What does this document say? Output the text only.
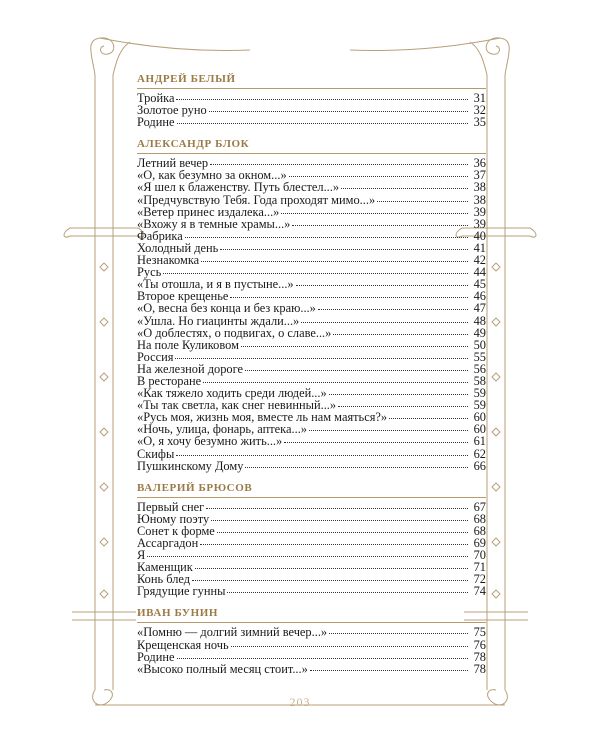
АНДРЕЙ БЕЛЫЙ
Тройка	31
Золотое руно	32
Родине	35
АЛЕКСАНДР БЛОК
Летний вечер	36
«О, как безумно за окном...»	37
«Я шел к блаженству. Путь блестел...»	38
«Предчувствую Тебя. Года проходят мимо...»	38
«Ветер принес издалека...»	39
«Вхожу я в темные храмы...»	39
Фабрика	40
Холодный день	41
Незнакомка	42
Русь	44
«Ты отошла, и я в пустыне...»	45
Второе крещенье	46
«О, весна без конца и без краю...»	47
«Ушла. Но гиацинты ждали...»	48
«О доблестях, о подвигах, о славе...»	49
На поле Куликовом	50
Россия	55
На железной дороге	56
В ресторане	58
«Как тяжело ходить среди людей...»	59
«Ты так светла, как снег невинный...»	59
«Русь моя, жизнь моя, вместе ль нам маяться?»	60
«Ночь, улица, фонарь, аптека...»	60
«О, я хочу безумно жить...»	61
Скифы	62
Пушкинскому Дому	66
ВАЛЕРИЙ БРЮСОВ
Первый снег	67
Юному поэту	68
Сонет к форме	68
Ассаргадон	69
Я	70
Каменщик	71
Конь блед	72
Грядущие гунны	74
ИВАН БУНИН
«Помню — долгий зимний вечер...»	75
Крещенская ночь	76
Родине	78
«Высоко полный месяц стоит...»	78
203
